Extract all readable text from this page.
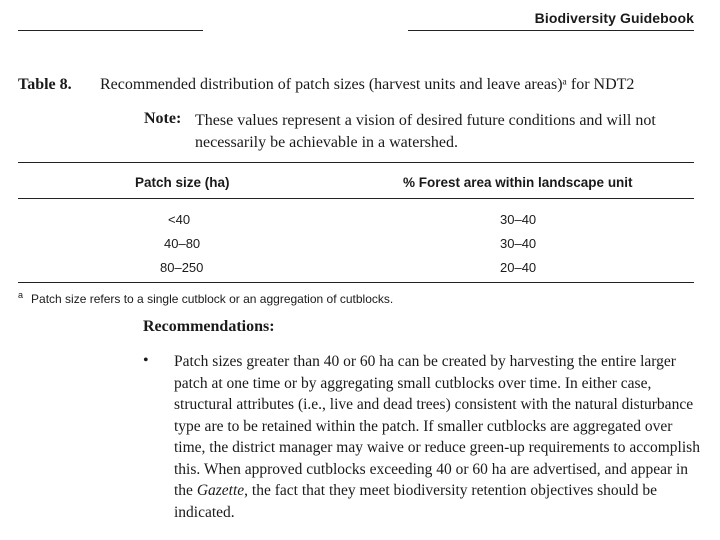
Biodiversity Guidebook
Table 8. Recommended distribution of patch sizes (harvest units and leave areas)ᵃ for NDT2
Note: These values represent a vision of desired future conditions and will not necessarily be achievable in a watershed.
Patch size (ha)	% Forest area within landscape unit
<40	30–40
40–80	30–40
80–250	20–40
$^a$ Patch size refers to a single cutblock or an aggregation of cutblocks.
Recommendations:
• Patch sizes greater than 40 or 60 ha can be created by harvesting the entire larger patch at one time or by aggregating small cutblocks over time. In either case, structural attributes (i.e., live and dead trees) consistent with the natural disturbance type are to be retained within the patch. If smaller cutblocks are aggregated over time, the district manager may waive or reduce green-up requirements to accomplish this. When approved cutblocks exceeding 40 or 60 ha are advertised, and appear in the Gazette, the fact that they meet biodiversity retention objectives should be indicated.
